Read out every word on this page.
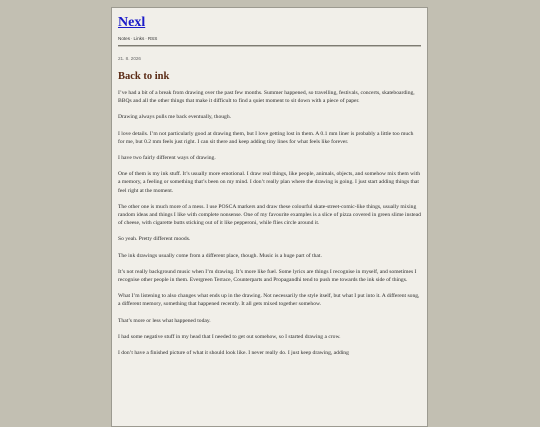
Nexl
Notes·Links·RSS
21. 8. 2026
Back to ink

I’ve had a bit of a break from drawing over the past few months. Summer happened, so travelling, festivals, concerts, skateboarding, BBQs and all the other things that make it difficult to find a quiet moment to sit down with a piece of paper.

Drawing always pulls me back eventually, though.

I love details. I’m not particularly good at drawing them, but I love getting lost in them. A 0.1 mm liner is probably a little too much for me, but 0.2 mm feels just right. I can sit there and keep adding tiny lines for what feels like forever.

I have two fairly different ways of drawing.

One of them is my ink stuff. It’s usually more emotional. I draw real things, like people, animals, objects, and somehow mix them with a memory, a feeling or something that’s been on my mind. I don’t really plan where the drawing is going. I just start adding things that feel right at the moment.

The other one is much more of a mess. I use POSCA markers and draw these colourful skate-street-comic-like things, usually mixing random ideas and things I like with complete nonsense. One of my favourite examples is a slice of pizza covered in green slime instead of cheese, with cigarette butts sticking out of it like pepperoni, while flies circle around it.

So yeah. Pretty different moods.

The ink drawings usually come from a different place, though. Music is a huge part of that.

It’s not really background music when I’m drawing. It’s more like fuel. Some lyrics are things I recognise in myself, and sometimes I recognise other people in them. Evergreen Terrace, Counterparts and Propagandhi tend to push me towards the ink side of things.

What I’m listening to also changes what ends up in the drawing. Not necessarily the style itself, but what I put into it. A different song, a different memory, something that happened recently. It all gets mixed together somehow.

That’s more or less what happened today.

I had some negative stuff in my head that I needed to get out somehow, so I started drawing a crow.

I don’t have a finished picture of what it should look like. I never really do. I just keep drawing, adding
